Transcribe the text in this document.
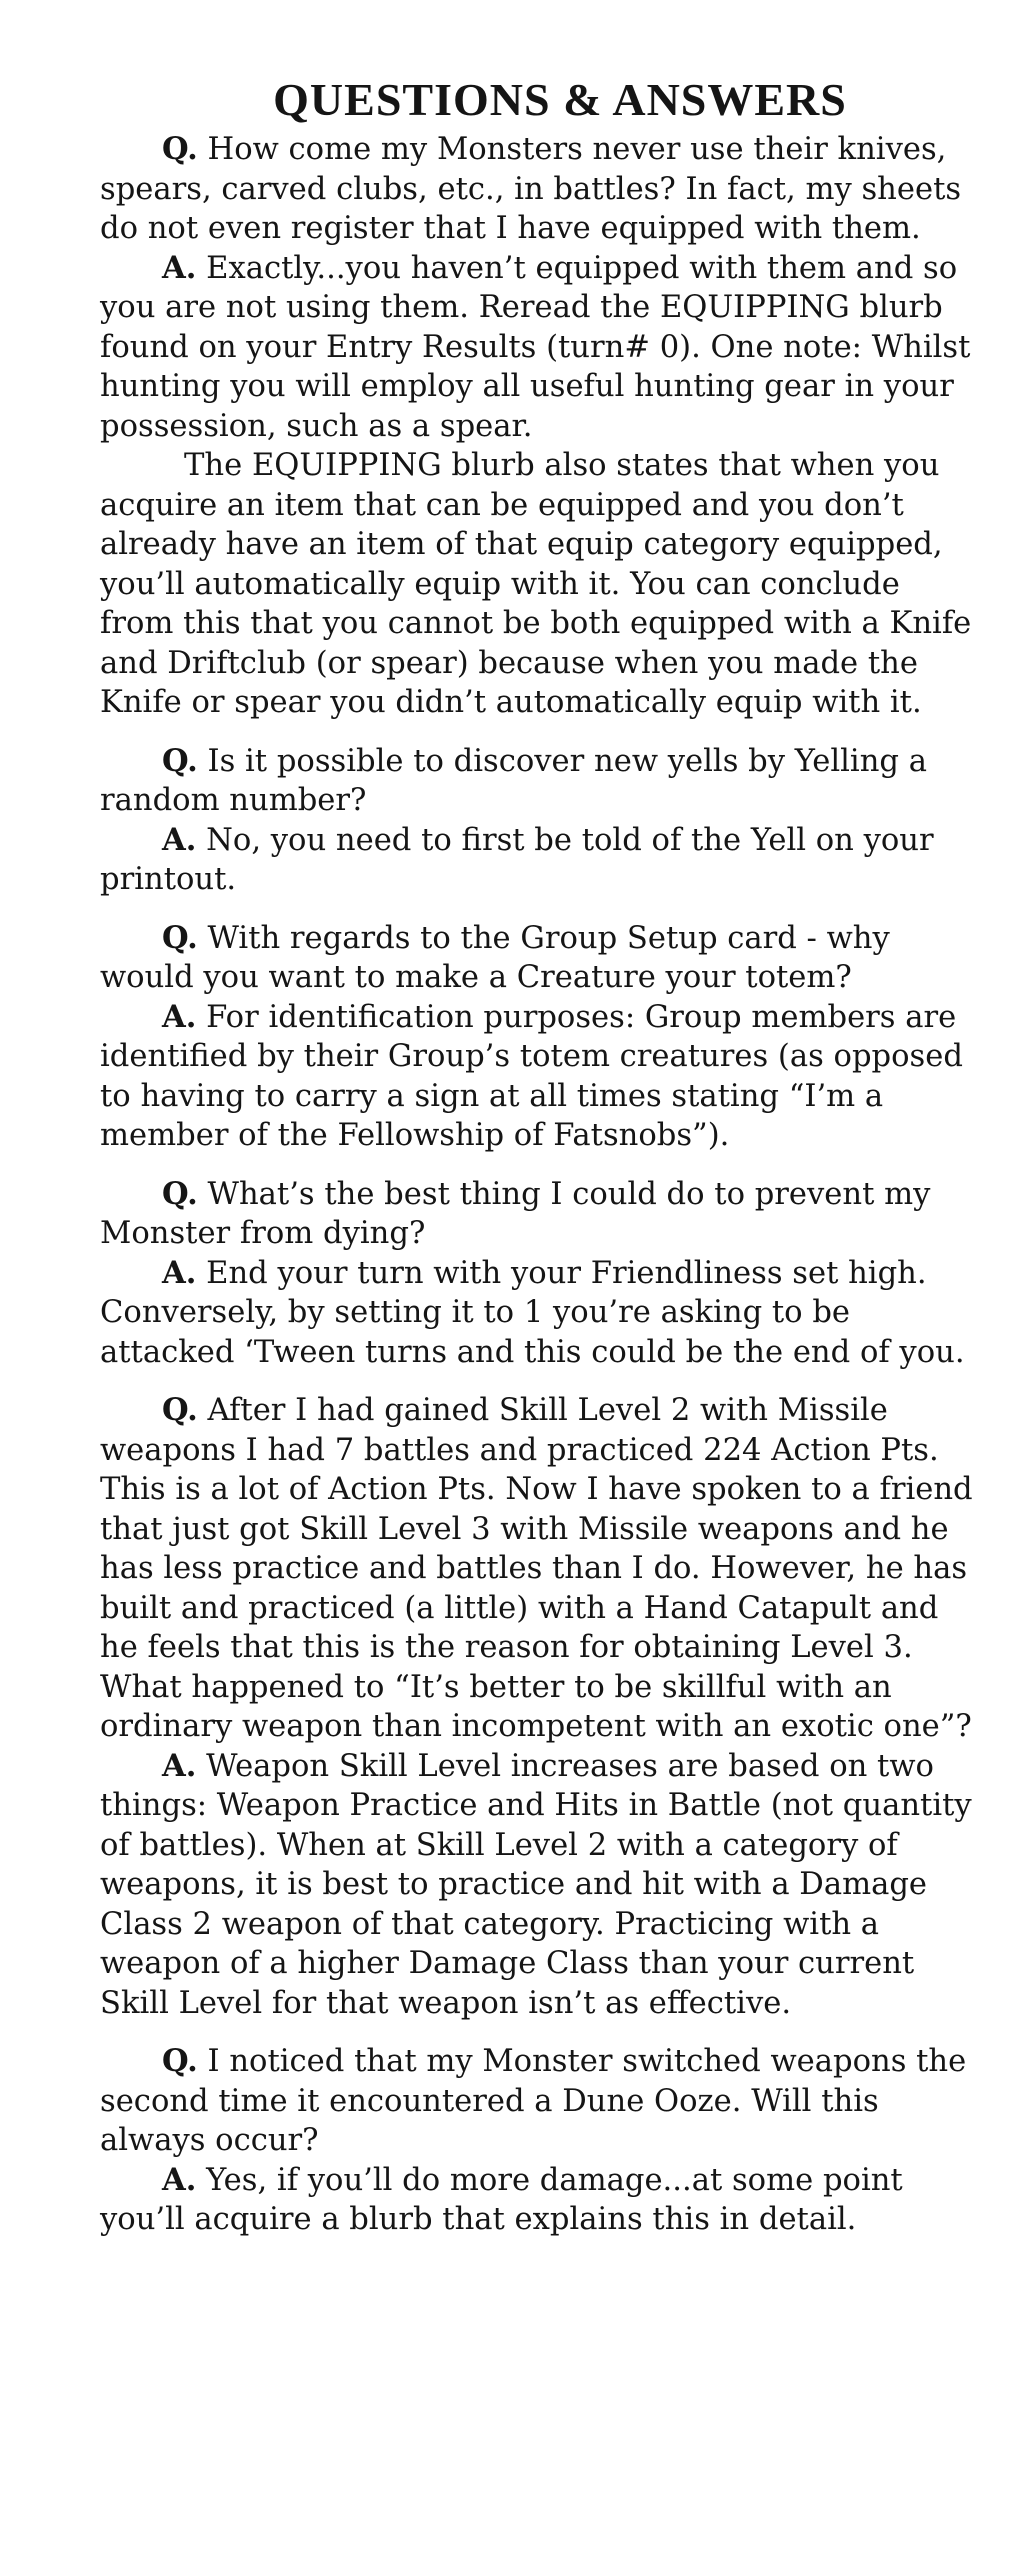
QUESTIONS & ANSWERS

Q. How come my Monsters never use their knives, spears, carved clubs, etc., in battles? In fact, my sheets do not even register that I have equipped with them.

A. Exactly...you haven’t equipped with them and so you are not using them. Reread the EQUIPPING blurb found on your Entry Results (turn# 0). One note: Whilst hunting you will employ all useful hunting gear in your possession, such as a spear.

The EQUIPPING blurb also states that when you acquire an item that can be equipped and you don’t already have an item of that equip category equipped, you’ll automatically equip with it. You can conclude from this that you cannot be both equipped with a Knife and Driftclub (or spear) because when you made the Knife or spear you didn’t automatically equip with it.

Q. Is it possible to discover new yells by Yelling a random number?

A. No, you need to first be told of the Yell on your printout.

Q. With regards to the Group Setup card - why would you want to make a Creature your totem?

A. For identification purposes: Group members are identified by their Group’s totem creatures (as opposed to having to carry a sign at all times stating “I’m a member of the Fellowship of Fatsnobs”).

Q. What’s the best thing I could do to prevent my Monster from dying?

A. End your turn with your Friendliness set high. Conversely, by setting it to 1 you’re asking to be attacked ‘Tween turns and this could be the end of you.

Q. After I had gained Skill Level 2 with Missile weapons I had 7 battles and practiced 224 Action Pts. This is a lot of Action Pts. Now I have spoken to a friend that just got Skill Level 3 with Missile weapons and he has less practice and battles than I do. However, he has built and practiced (a little) with a Hand Catapult and he feels that this is the reason for obtaining Level 3. What happened to “It’s better to be skillful with an ordinary weapon than incompetent with an exotic one”?

A. Weapon Skill Level increases are based on two things: Weapon Practice and Hits in Battle (not quantity of battles). When at Skill Level 2 with a category of weapons, it is best to practice and hit with a Damage Class 2 weapon of that category. Practicing with a weapon of a higher Damage Class than your current Skill Level for that weapon isn’t as effective.

Q. I noticed that my Monster switched weapons the second time it encountered a Dune Ooze. Will this always occur?

A. Yes, if you’ll do more damage...at some point you’ll acquire a blurb that explains this in detail.
